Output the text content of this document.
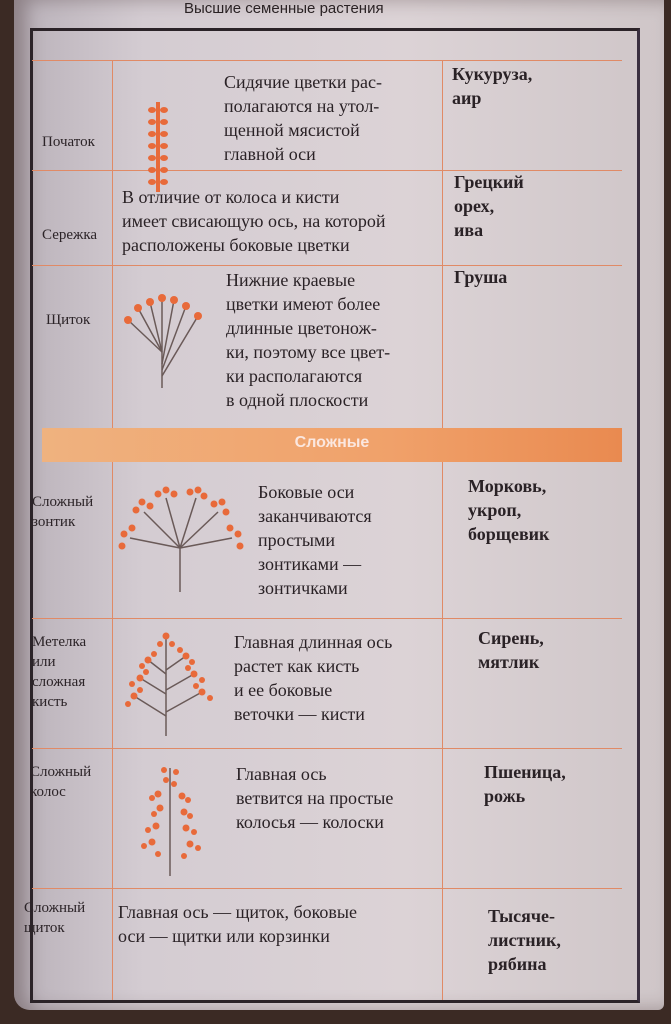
Высшие семенные растения
Початок
Сидячие цветки рас-
полагаются на утол-
щенной мясистой
главной оси
Кукуруза,
аир
Сережка
В отличие от колоса и кисти
имеет свисающую ось, на которой
расположены боковые цветки
Грецкий
орех,
ива
Щиток
Нижние краевые
цветки имеют более
длинные цветонож-
ки, поэтому все цвет-
ки располагаются
в одной плоскости
Груша
Сложные
Сложный
зонтик
Боковые оси
заканчиваются
простыми
зонтиками —
зонтичками
Морковь,
укроп,
борщевик
Метелка
или
сложная
кисть
Главная длинная ось
растет как кисть
и ее боковые
веточки — кисти
Сирень,
мятлик
Сложный
колос
Главная ось
ветвится на простые
колосья — колоски
Пшеница,
рожь
Сложный
щиток
Главная ось — щиток, боковые
оси — щитки или корзинки
Тысяче-
листник,
рябина
